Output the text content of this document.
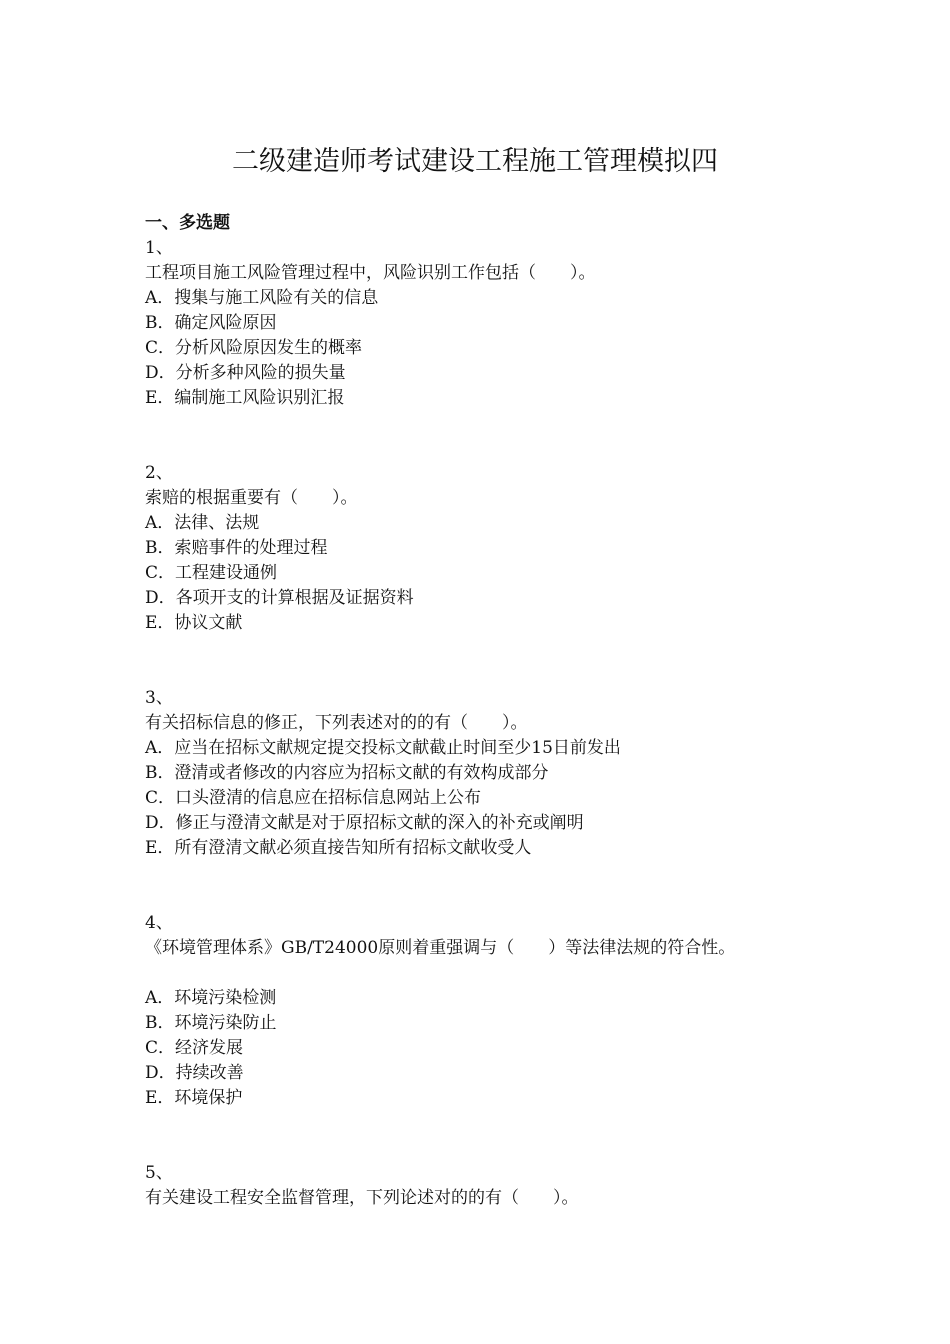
二级建造师考试建设工程施工管理模拟四
一、多选题
1、
工程项目施工风险管理过程中，风险识别工作包括（　　）。
A．搜集与施工风险有关的信息
B．确定风险原因
C．分析风险原因发生的概率
D．分析多种风险的损失量
E．编制施工风险识别汇报
2、
索赔的根据重要有（　　）。
A．法律、法规
B．索赔事件的处理过程
C．工程建设通例
D．各项开支的计算根据及证据资料
E．协议文献
3、
有关招标信息的修正，下列表述对的的有（　　）。
A．应当在招标文献规定提交投标文献截止时间至少15日前发出
B．澄清或者修改的内容应为招标文献的有效构成部分
C．口头澄清的信息应在招标信息网站上公布
D．修正与澄清文献是对于原招标文献的深入的补充或阐明
E．所有澄清文献必须直接告知所有招标文献收受人
4、
《环境管理体系》GB/T24000原则着重强调与（　　）等法律法规的符合性。
A．环境污染检测
B．环境污染防止
C．经济发展
D．持续改善
E．环境保护
5、
有关建设工程安全监督管理，下列论述对的的有（　　）。
